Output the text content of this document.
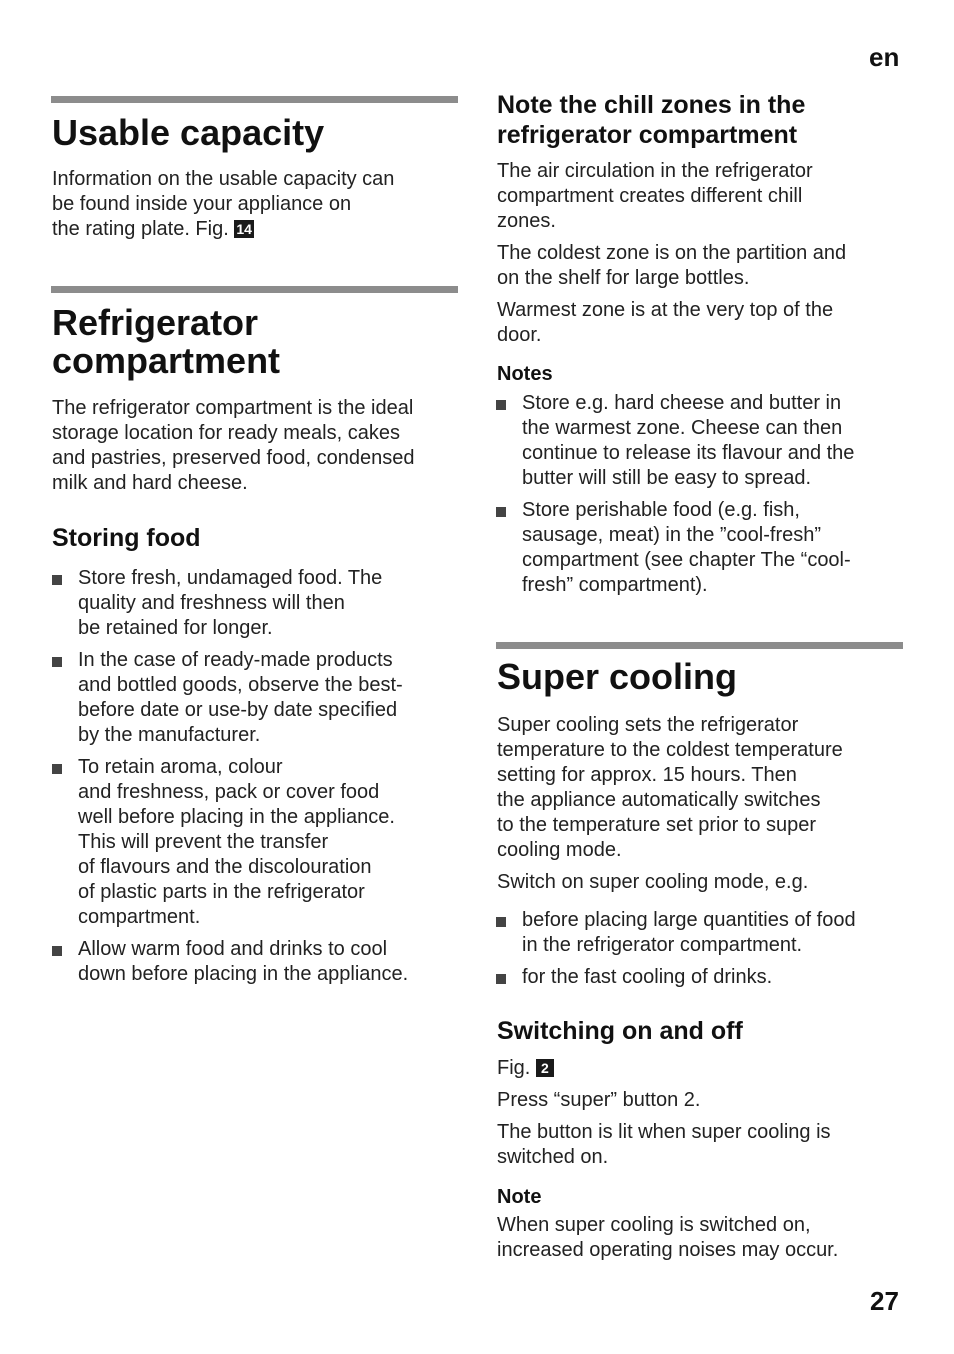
en
27
Usable capacity

Information on the usable capacity can
be found inside your appliance on
the rating plate. Fig. 14

Refrigerator
compartment

The refrigerator compartment is the ideal
storage location for ready meals, cakes
and pastries, preserved food, condensed
milk and hard cheese.

Storing food
Store fresh, undamaged food. The
quality and freshness will then
be retained for longer.
In the case of ready-made products
and bottled goods, observe the best-
before date or use-by date specified
by the manufacturer.
To retain aroma, colour
and freshness, pack or cover food
well before placing in the appliance.
This will prevent the transfer
of flavours and the discolouration
of plastic parts in the refrigerator
compartment.
Allow warm food and drinks to cool
down before placing in the appliance.
Note the chill zones in the
refrigerator compartment

The air circulation in the refrigerator
compartment creates different chill
zones.

The coldest zone is on the partition and
on the shelf for large bottles.

Warmest zone is at the very top of the
door.

Notes
Store e.g. hard cheese and butter in
the warmest zone. Cheese can then
continue to release its flavour and the
butter will still be easy to spread.
Store perishable food (e.g. fish,
sausage, meat) in the ”cool-fresh”
compartment (see chapter The “cool-
fresh” compartment).
Super cooling

Super cooling sets the refrigerator
temperature to the coldest temperature
setting for approx. 15 hours. Then
the appliance automatically switches
to the temperature set prior to super
cooling mode.

Switch on super cooling mode, e.g.

before placing large quantities of food
in the refrigerator compartment.
for the fast cooling of drinks.
Switching on and off

Fig. 2

Press “super” button 2.

The button is lit when super cooling is
switched on.

Note

When super cooling is switched on,
increased operating noises may occur.
